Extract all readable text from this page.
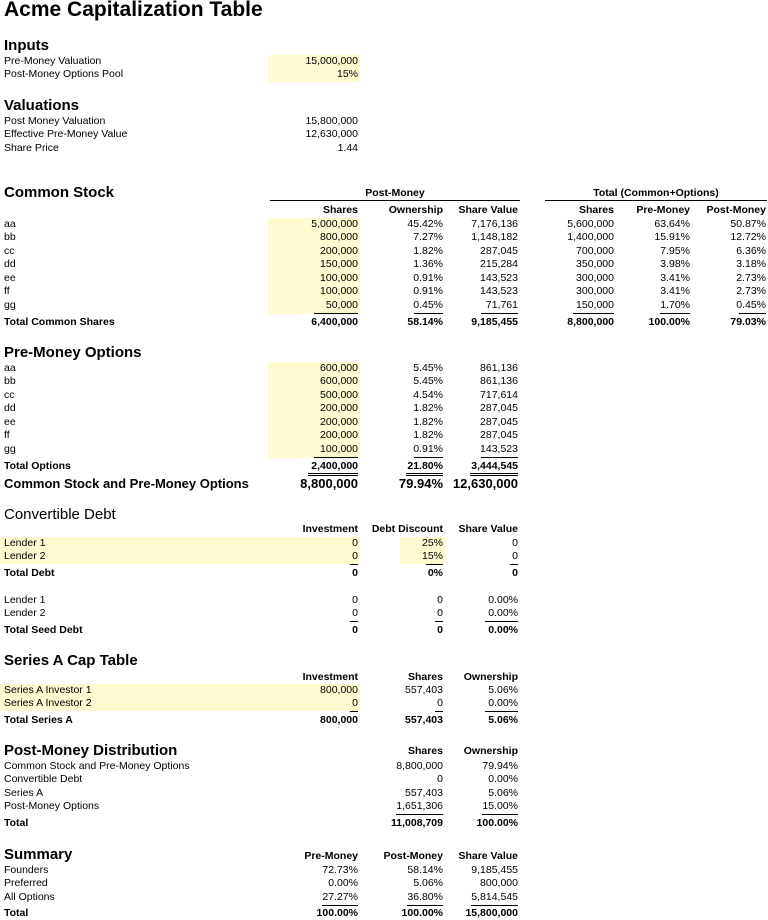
Acme Capitalization Table
Inputs
Pre-Money Valuation	15,000,000
Post-Money Options Pool	15%
Valuations
Post Money Valuation	15,800,000
Effective Pre-Money Value	12,630,000
Share Price	1.44
Common Stock	Post-Money	Total (Common+Options)
Shares	Ownership	Share Value	Shares	Pre-Money	Post-Money
aa	5,000,000	45.42%	7,176,136	5,600,000	63.64%	50.87%
bb	800,000	7.27%	1,148,182	1,400,000	15.91%	12.72%
cc	200,000	1.82%	287,045	700,000	7.95%	6.36%
dd	150,000	1.36%	215,284	350,000	3.98%	3.18%
ee	100,000	0.91%	143,523	300,000	3.41%	2.73%
ff	100,000	0.91%	143,523	300,000	3.41%	2.73%
gg	50,000	0.45%	71,761	150,000	1.70%	0.45%
Total Common Shares	6,400,000	58.14%	9,185,455	8,800,000	100.00%	79.03%
Pre-Money Options
aa	600,000	5.45%	861,136
bb	600,000	5.45%	861,136
cc	500,000	4.54%	717,614
dd	200,000	1.82%	287,045
ee	200,000	1.82%	287,045
ff	200,000	1.82%	287,045
gg	100,000	0.91%	143,523
Total Options	2,400,000	21.80%	3,444,545
Common Stock and Pre-Money Options	8,800,000	79.94% 12,630,000
Convertible Debt
Investment	Debt Discount	Share Value
Lender 1	0	25%	0
Lender 2	0	15%	0
Total Debt	0	0%	0
Lender 1	0	0	0.00%
Lender 2	0	0	0.00%
Total Seed Debt	0	0	0.00%
Series A Cap Table
Investment	Shares	Ownership
Series A Investor 1	800,000	557,403	5.06%
Series A Investor 2	0	0	0.00%
Total Series A	800,000	557,403	5.06%
Post-Money Distribution	Shares	Ownership
Common Stock and Pre-Money Options	8,800,000	79.94%
Convertible Debt	0	0.00%
Series A	557,403	5.06%
Post-Money Options	1,651,306	15.00%
Total	11,008,709	100.00%
Summary	Pre-Money	Post-Money	Share Value
Founders	72.73%	58.14%	9,185,455
Preferred	0.00%	5.06%	800,000
All Options	27.27%	36.80%	5,814,545
Total	100.00%	100.00%	15,800,000
